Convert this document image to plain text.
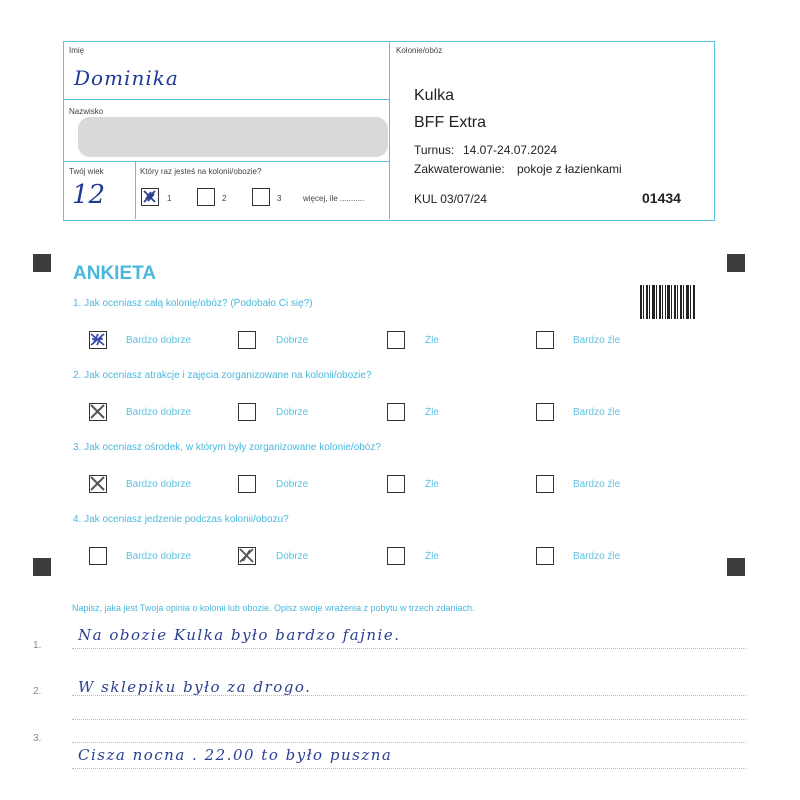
Imię
Dominika
Nazwisko
Twój wiek
12
Który raz jesteś na kolonii/obozie?
1	2	3	więcej, ile ...........
Kolonie/obóz
Kulka
BFF Extra
Turnus: 14.07-24.07.2024
Zakwaterowanie: pokoje z łazienkami
KUL 03/07/24	01434
ANKIETA
1. Jak oceniasz całą kolonię/obóz? (Podobało Ci się?)
2. Jak oceniasz atrakcje i zajęcia zorganizowane na kolonii/obozie?
3. Jak oceniasz ośrodek, w którym były zorganizowane kolonie/obóz?
4. Jak oceniasz jedzenie podczas kolonii/obozu?
Bardzo dobrze	Dobrze	Źle	Bardzo źle
Bardzo dobrze	Dobrze	Źle	Bardzo źle
Bardzo dobrze	Dobrze	Źle	Bardzo źle
Bardzo dobrze	Dobrze	Źle	Bardzo źle
Napisz, jaka jest Twoja opinia o kolonii lub obozie. Opisz swoje wrażenia z pobytu w trzech zdaniach.
1.
Na obozie Kulka było bardzo fajnie.
2. W sklepiku było za drogo.
3.
Cisza nocna . 22.00 to było puszna
